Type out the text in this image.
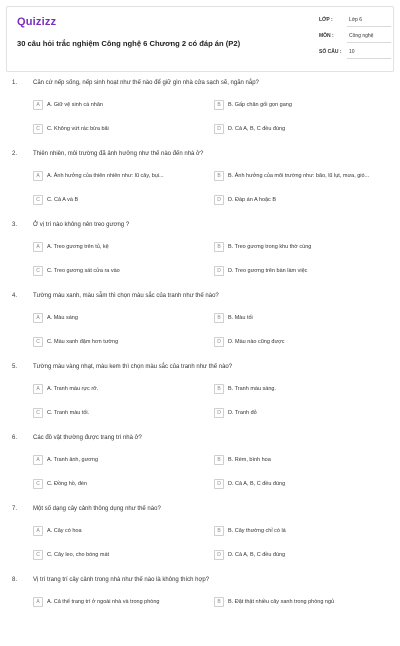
Quizizz
30 câu hỏi trắc nghiệm Công nghệ 6 Chương 2 có đáp án (P2)
LỚP :	Lớp 6
MÔN :	Công nghệ
SỐ CÂU :	10
1.	Căn cứ nếp sống, nếp sinh hoạt như thế nào để giữ gìn nhà cửa sạch sẽ, ngăn nắp?
A	A. Giữ vệ sinh cá nhân	B	B. Gấp chăn gối gọn gang
C	C. Không vứt rác bừa bãi	D	D. Cả A, B, C đều đúng
2.	Thiên nhiên, môi trường đã ảnh hưởng như thế nào đến nhà ở?
A	A. Ảnh hưởng của thiên nhiên như: lũ cây, bụi...	B	B. Ảnh hưởng của môi trường như: bão, lũ lụt, mưa, gió...
C	C. Cả A và B	D	D. Đáp án A hoặc B
3.	Ở vị trí nào không nên treo gương ?
A	A. Treo gương trên tủ, kệ	B	B. Treo gương trong khu thờ cúng
C	C. Treo gương sát cửa ra vào	D	D. Treo gương trên bàn làm việc
4.	Tường màu xanh, màu sẫm thì chọn màu sắc của tranh như thế nào?
A	A. Màu sáng	B	B. Màu tối
C	C. Màu xanh đậm hơn tường	D	D. Màu nào cũng được
5.	Tường màu vàng nhạt, màu kem thì chọn màu sắc của tranh như thế nào?
A	A. Tranh màu rực rỡ.	B	B. Tranh màu sáng.
C	C. Tranh màu tối.	D	D. Tranh đỏ
6.	Các đồ vật thường được trang trí nhà ở?
A	A. Tranh ảnh, gương	B	B. Rèm, bình hoa
C	C. Đồng hồ, đèn	D	D. Cả A, B, C đều đúng
7.	Một số dạng cây cảnh thông dụng như thế nào?
A	A. Cây có hoa	B	B. Cây thường chỉ có lá
C	C. Cây leo, cho bóng mát	D	D. Cả A, B, C đều đúng
8.	Vị trí trang trí cây cảnh trong nhà như thế nào là không thích hợp?
A	A. Cả thể trang trí ở ngoài nhà và trong phòng	B	B. Đặt thật nhiều cây xanh trong phòng ngủ
